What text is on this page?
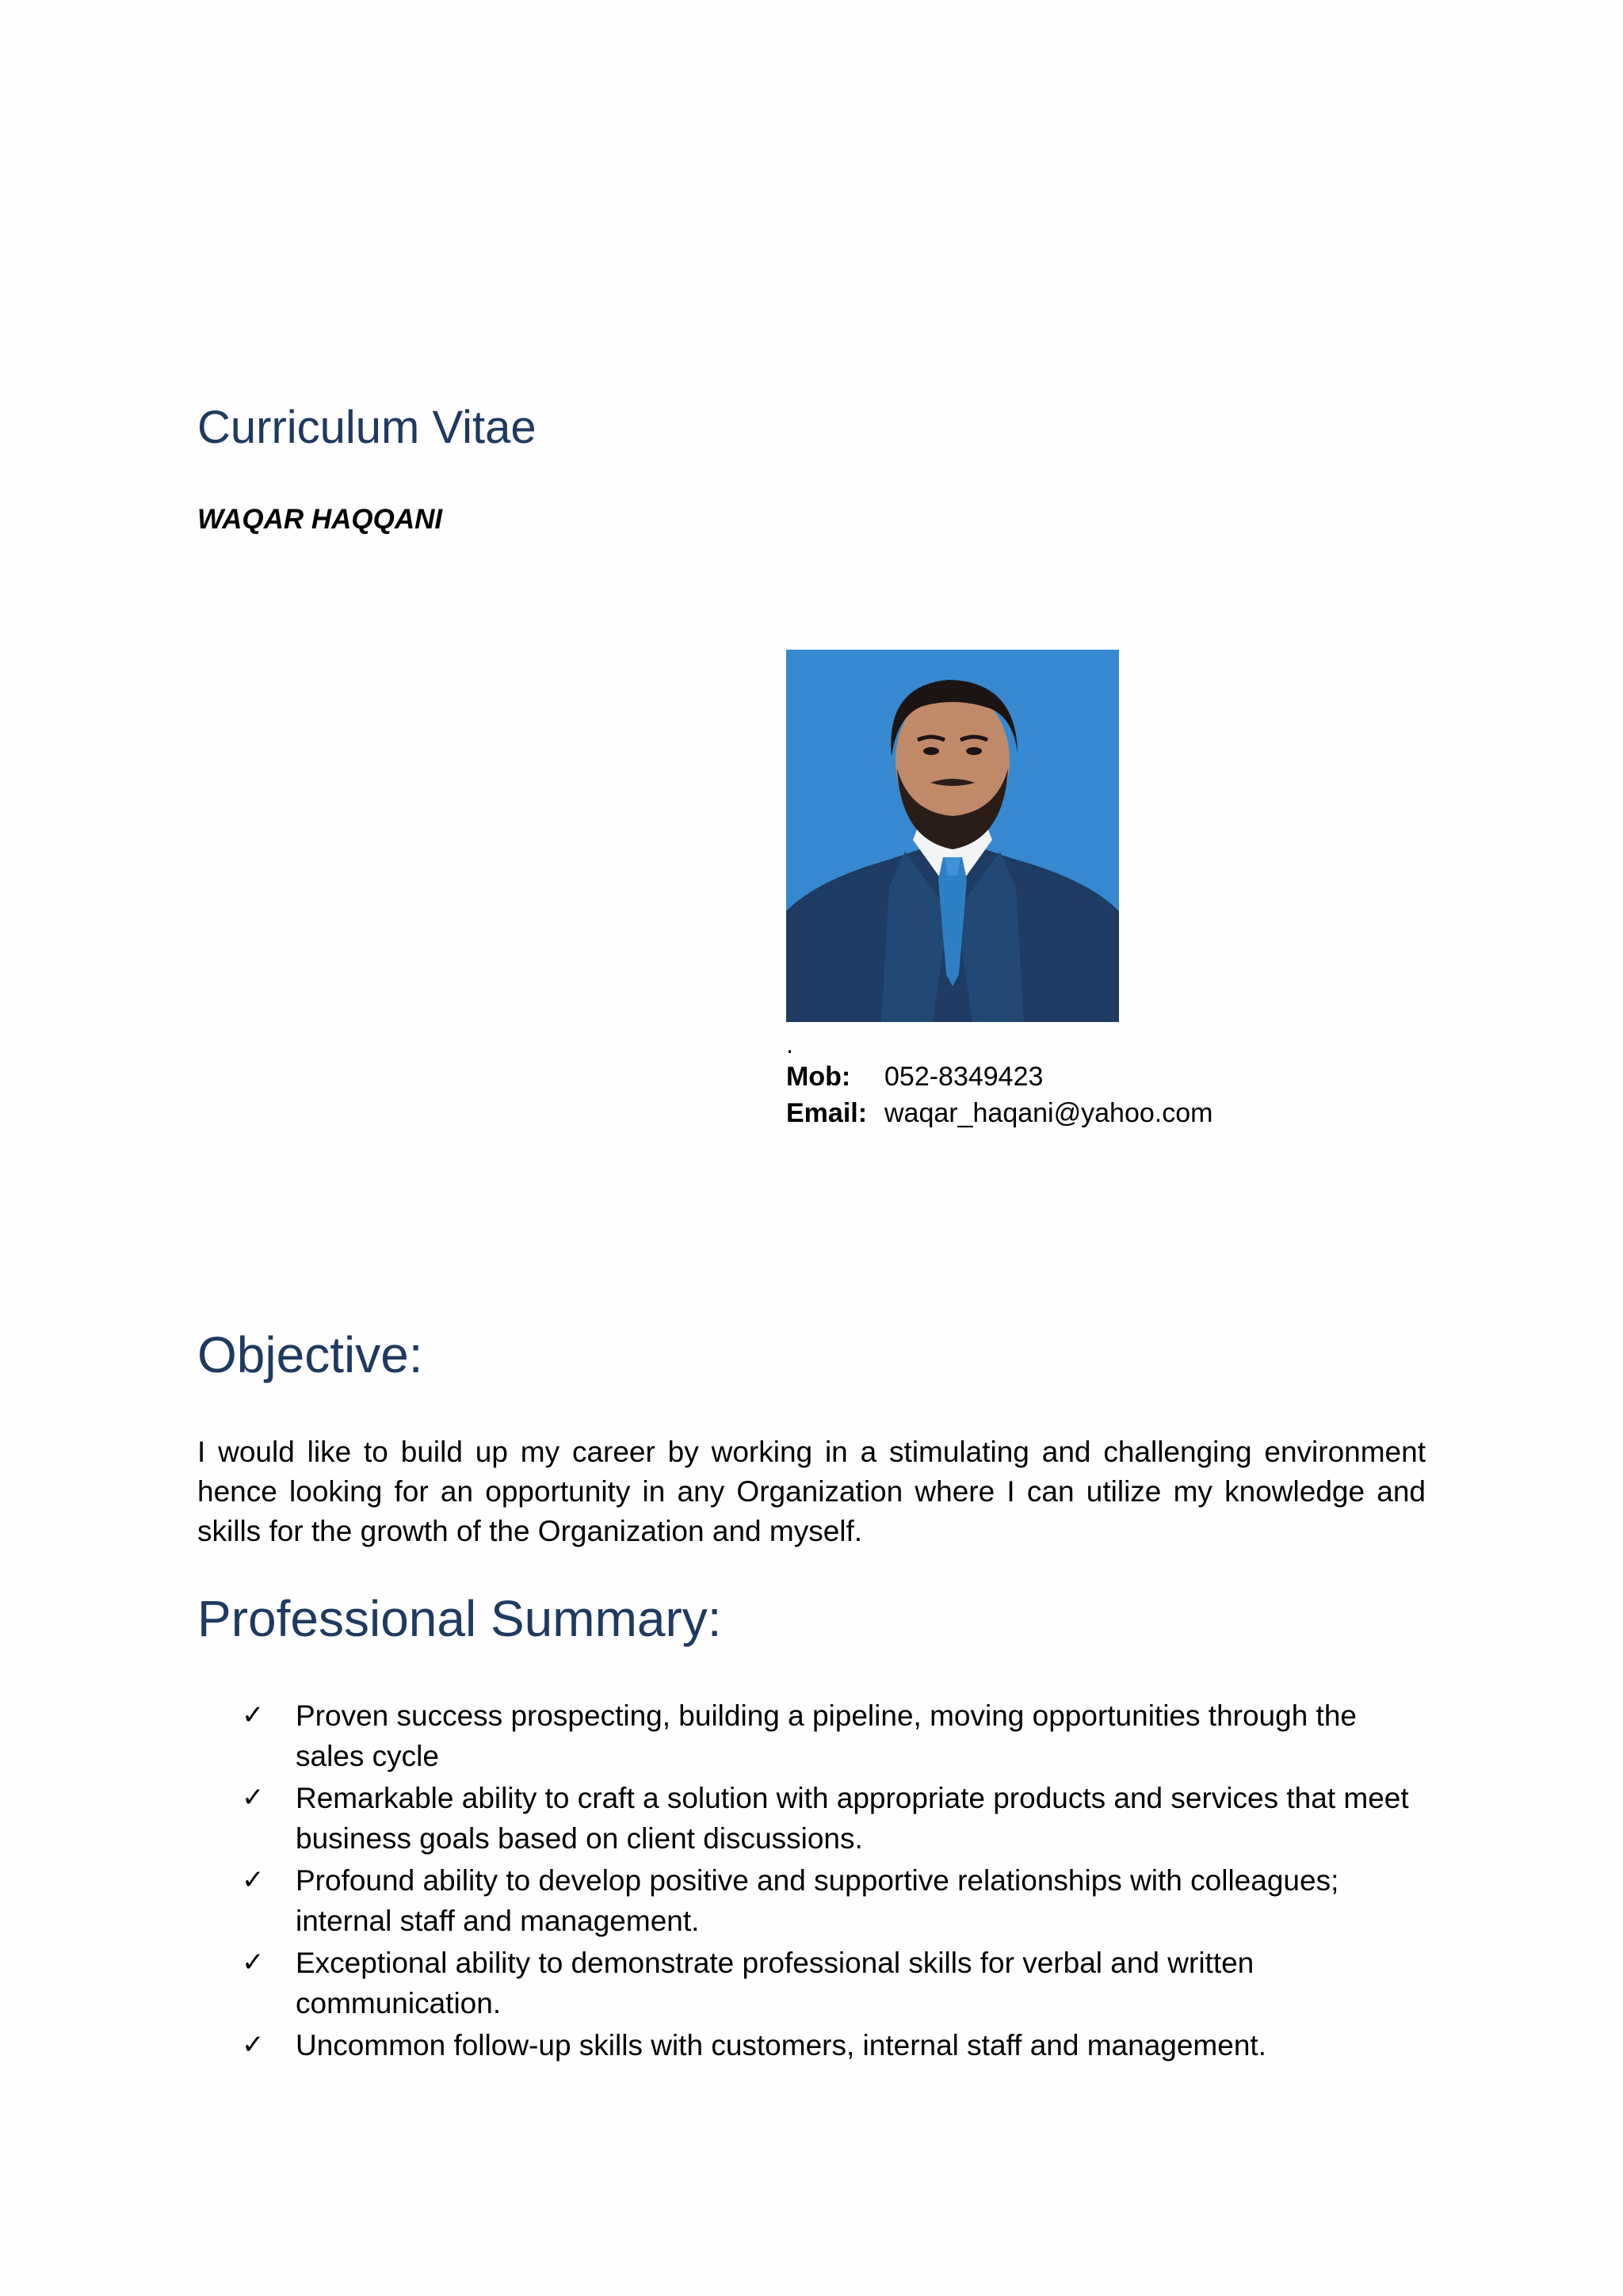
Curriculum Vitae

WAQAR HAQQANI

.
Mob:	052-8349423
Email: waqar_haqani@yahoo.com
Objective:

I would like to build up my career by working in a stimulating and challenging environment hence looking for an opportunity in any Organization where I can utilize my knowledge and skills for the growth of the Organization and myself.

Professional Summary:
✓ Proven success prospecting, building a pipeline, moving opportunities through the sales cycle
✓ Remarkable ability to craft a solution with appropriate products and services that meet business goals based on client discussions.
✓ Profound ability to develop positive and supportive relationships with colleagues; internal staff and management.
✓ Exceptional ability to demonstrate professional skills for verbal and written communication.
✓ Uncommon follow-up skills with customers, internal staff and management.
